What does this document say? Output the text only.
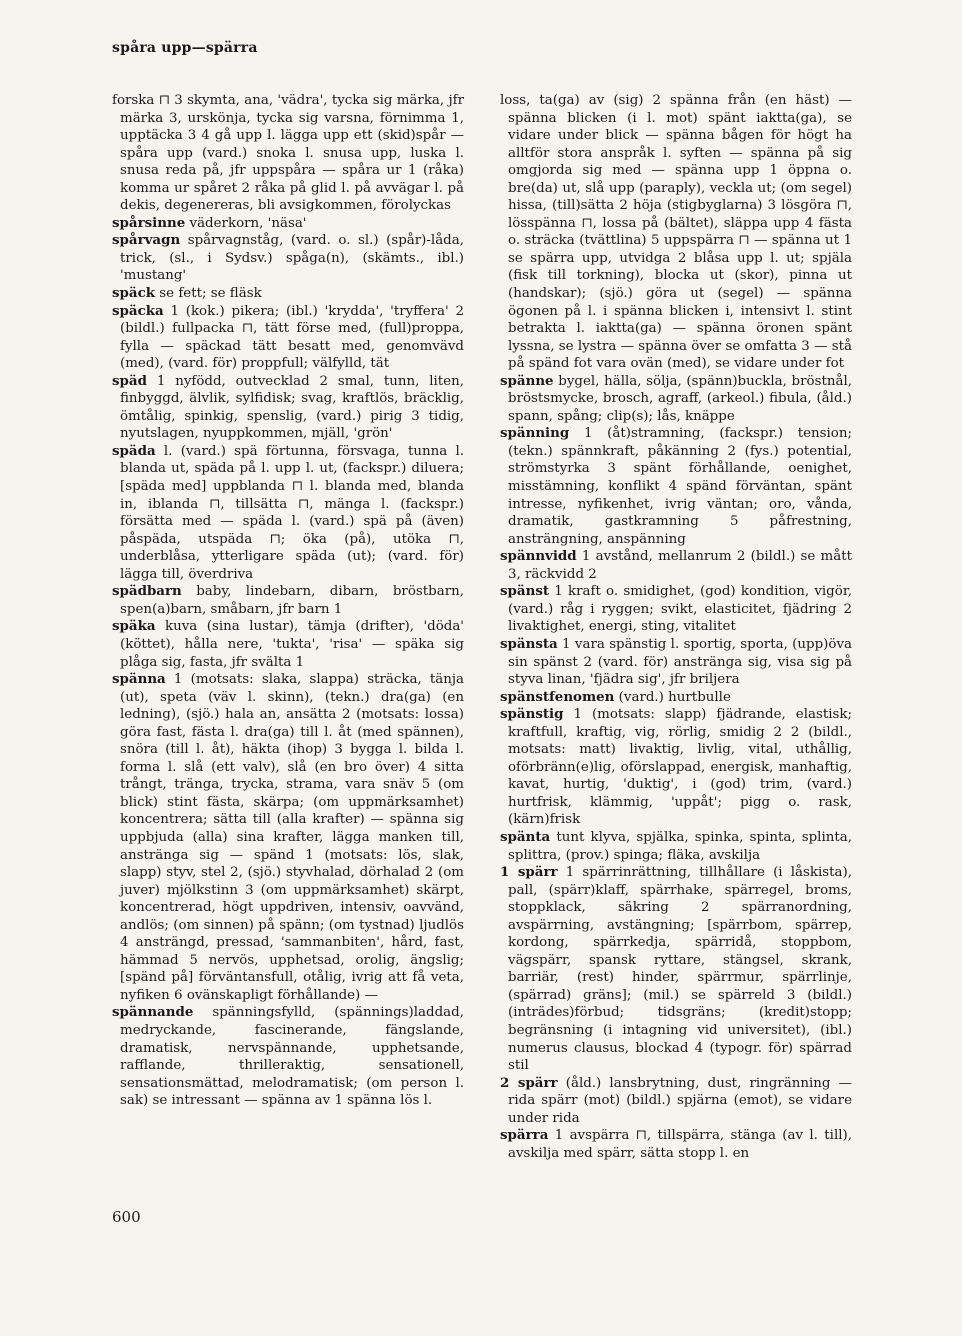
spåra upp—spärra

forska ⊓ 3 skymta, ana, 'vädra', tycka sig märka, jfr märka 3, urskönja, tycka sig varsna, förnimma 1, upptäcka 3 4 gå upp l. lägga upp ett (skid)spår — spåra upp (vard.) snoka l. snusa upp, luska l. snusa reda på, jfr uppspåra — spåra ur 1 (råka) komma ur spåret 2 råka på glid l. på avvägar l. på dekis, degenereras, bli avsigkommen, förolyckas

spårsinne väderkorn, 'näsa'

spårvagn spårvagnståg, (vard. o. sl.) (spår)-låda, trick, (sl., i Sydsv.) spåga(n), (skämts., ibl.) 'mustang'

späck se fett; se fläsk

späcka 1 (kok.) pikera; (ibl.) 'krydda', 'tryffera' 2 (bildl.) fullpacka ⊓, tätt förse med, (full)proppa, fylla — späckad tätt besatt med, genomvävd (med), (vard. för) proppfull; välfylld, tät

späd 1 nyfödd, outvecklad 2 smal, tunn, liten, finbyggd, älvlik, sylfidisk; svag, kraftlös, bräcklig, ömtålig, spinkig, spenslig, (vard.) pirig 3 tidig, nyutslagen, nyuppkommen, mjäll, 'grön'

späda l. (vard.) spä förtunna, försvaga, tunna l. blanda ut, späda på l. upp l. ut, (fackspr.) diluera; [späda med] uppblanda ⊓ l. blanda med, blanda in, iblanda ⊓, tillsätta ⊓, mänga l. (fackspr.) försätta med — späda l. (vard.) spä på (även) påspäda, utspäda ⊓; öka (på), utöka ⊓, underblåsa, ytterligare späda (ut); (vard. för) lägga till, överdriva

spädbarn baby, lindebarn, dibarn, bröstbarn, spen(a)barn, småbarn, jfr barn 1

späka kuva (sina lustar), tämja (drifter), 'döda' (köttet), hålla nere, 'tukta', 'risa' — späka sig plåga sig, fasta, jfr svälta 1

spänna 1 (motsats: slaka, slappa) sträcka, tänja (ut), speta (väv l. skinn), (tekn.) dra(ga) (en ledning), (sjö.) hala an, ansätta 2 (motsats: lossa) göra fast, fästa l. dra(ga) till l. åt (med spännen), snöra (till l. åt), häkta (ihop) 3 bygga l. bilda l. forma l. slå (ett valv), slå (en bro över) 4 sitta trångt, tränga, trycka, strama, vara snäv 5 (om blick) stint fästa, skärpa; (om uppmärksamhet) koncentrera; sätta till (alla krafter) — spänna sig uppbjuda (alla) sina krafter, lägga manken till, anstränga sig — spänd 1 (motsats: lös, slak, slapp) styv, stel 2, (sjö.) styvhalad, dörhalad 2 (om juver) mjölkstinn 3 (om uppmärksamhet) skärpt, koncentrerad, högt uppdriven, intensiv, oavvänd, andlös; (om sinnen) på spänn; (om tystnad) ljudlös 4 ansträngd, pressad, 'sammanbiten', hård, fast, hämmad 5 nervös, upphetsad, orolig, ängslig; [spänd på] förväntansfull, otålig, ivrig att få veta, nyfiken 6 ovänskapligt förhållande) —

spännande spänningsfylld, (spännings)laddad, medryckande, fascinerande, fängslande, dramatisk, nervspännande, upphetsande, rafflande, thrilleraktig, sensationell, sensationsmättad, melodramatisk; (om person l. sak) se intressant — spänna av 1 spänna lös l.

loss, ta(ga) av (sig) 2 spänna från (en häst) — spänna blicken (i l. mot) spänt iaktta(ga), se vidare under blick — spänna bågen för högt ha alltför stora anspråk l. syften — spänna på sig omgjorda sig med — spänna upp 1 öppna o. bre(da) ut, slå upp (paraply), veckla ut; (om segel) hissa, (till)sätta 2 höja (stigbyglarna) 3 lösgöra ⊓, lösspänna ⊓, lossa på (bältet), släppa upp 4 fästa o. sträcka (tvättlina) 5 uppspärra ⊓ — spänna ut 1 se spärra upp, utvidga 2 blåsa upp l. ut; spjäla (fisk till torkning), blocka ut (skor), pinna ut (handskar); (sjö.) göra ut (segel) — spänna ögonen på l. i spänna blicken i, intensivt l. stint betrakta l. iaktta(ga) — spänna öronen spänt lyssna, se lystra — spänna över se omfatta 3 — stå på spänd fot vara ovän (med), se vidare under fot

spänne bygel, hälla, sölja, (spänn)buckla, bröstnål, bröstsmycke, brosch, agraff, (arkeol.) fibula, (åld.) spann, spång; clip(s); lås, knäppe

spänning 1 (åt)stramning, (fackspr.) tension; (tekn.) spännkraft, påkänning 2 (fys.) potential, strömstyrka 3 spänt förhållande, oenighet, misstämning, konflikt 4 spänd förväntan, spänt intresse, nyfikenhet, ivrig väntan; oro, vånda, dramatik, gastkramning 5 påfrestning, ansträngning, anspänning

spännvidd 1 avstånd, mellanrum 2 (bildl.) se mått 3, räckvidd 2

spänst 1 kraft o. smidighet, (god) kondition, vigör, (vard.) råg i ryggen; svikt, elasticitet, fjädring 2 livaktighet, energi, sting, vitalitet

spänsta 1 vara spänstig l. sportig, sporta, (upp)öva sin spänst 2 (vard. för) anstränga sig, visa sig på styva linan, 'fjädra sig', jfr briljera

spänstfenomen (vard.) hurtbulle

spänstig 1 (motsats: slapp) fjädrande, elastisk; kraftfull, kraftig, vig, rörlig, smidig 2 2 (bildl., motsats: matt) livaktig, livlig, vital, uthållig, oförbränn(e)lig, oförslappad, energisk, manhaftig, kavat, hurtig, 'duktig', i (god) trim, (vard.) hurtfrisk, klämmig, 'uppåt'; pigg o. rask, (kärn)frisk

spänta tunt klyva, spjälka, spinka, spinta, splinta, splittra, (prov.) spinga; fläka, avskilja

1 spärr 1 spärrinrättning, tillhållare (i låskista), pall, (spärr)klaff, spärrhake, spärregel, broms, stoppklack, säkring 2 spärranordning, avspärrning, avstängning; [spärrbom, spärrep, kordong, spärrkedja, spärridå, stoppbom, vägspärr, spansk ryttare, stängsel, skrank, barriär, (rest) hinder, spärrmur, spärrlinje, (spärrad) gräns]; (mil.) se spärreld 3 (bildl.) (inträdes)förbud; tidsgräns; (kredit)stopp; begränsning (i intagning vid universitet), (ibl.) numerus clausus, blockad 4 (typogr. för) spärrad stil

2 spärr (åld.) lansbrytning, dust, ringränning — rida spärr (mot) (bildl.) spjärna (emot), se vidare under rida

spärra 1 avspärra ⊓, tillspärra, stänga (av l. till), avskilja med spärr, sätta stopp l. en

600
